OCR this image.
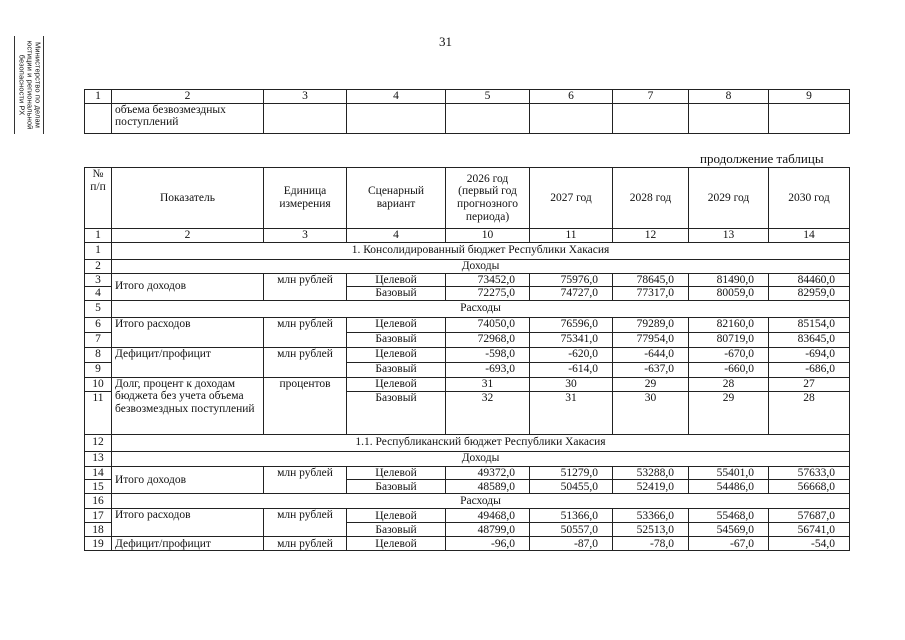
31
Министерство по делам
юстиции и региональной
безопасности РХ	1	2	3	4	5	6	7	8	9
	объема безвозмездных поступлений							
продолжение таблицы
№ п/п	Показатель	Единица измерения	Сценарный вариант	2026 год (первый год прогнозного периода)	2027 год	2028 год	2029 год	2030 год
1	2	3	4	10	11	12	13	14
1	1. Консолидированный бюджет Республики Хакасия							
2	Доходы							
3	Итого доходов	млн рублей	Целевой	73452,0	75976,0	78645,0	81490,0	84460,0
4			Базовый	72275,0	74727,0	77317,0	80059,0	82959,0
5	Расходы							
6	Итого расходов	млн рублей	Целевой	74050,0	76596,0	79289,0	82160,0	85154,0
7			Базовый	72968,0	75341,0	77954,0	80719,0	83645,0
8	Дефицит/профицит	млн рублей	Целевой	-598,0	-620,0	-644,0	-670,0	-694,0
9			Базовый	-693,0	-614,0	-637,0	-660,0	-686,0
10	Долг, процент к доходам бюджета без учета объема безвозмездных поступлений	процентов	Целевой	31	30	29	28	27
11			Базовый	32	31	30	29	28
12	1.1. Республиканский бюджет Республики Хакасия							
13	Доходы							
14	Итого доходов	млн рублей	Целевой	49372,0	51279,0	53288,0	55401,0	57633,0
15			Базовый	48589,0	50455,0	52419,0	54486,0	56668,0
16	Расходы							
17	Итого расходов	млн рублей	Целевой	49468,0	51366,0	53366,0	55468,0	57687,0
18			Базовый	48799,0	50557,0	52513,0	54569,0	56741,0
19	Дефицит/профицит	млн рублей	Целевой	-96,0	-87,0	-78,0	-67,0	-54,0
